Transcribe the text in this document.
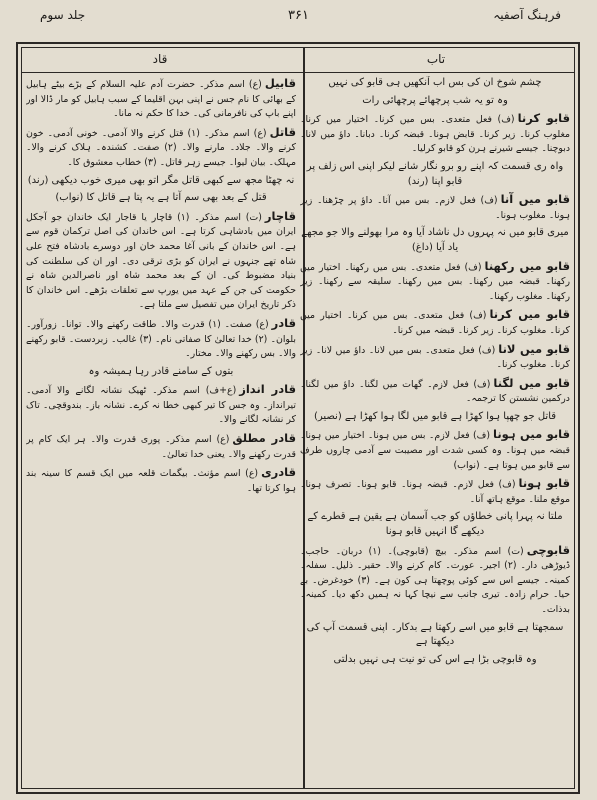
فرہنگ آصفیہ
۳۶۱
جلد سوم
تاب
قاد
چشم شوخ ان کی بس اب آنکھیں ہی قابو کی نہیں
وہ تو یہ شب پرچھائے پرچھائی رات
قابو کرنا(ف) فعل متعدی۔ بس میں کرنا۔ اختیار میں کرنا۔ مغلوب کرنا۔ زیر کرنا۔ قابض ہونا۔ قبضہ کرنا۔ دبانا۔ داؤ میں لانا۔ دبوچنا۔ جیسے شیرنے ہرن کو قابو کرلیا۔
واہ ری قسمت کہ اپنے رو برو نگار شانے لیکر اپنی اس زلف پر قابو اپنا (رند)
قابو میں آنا(ف) فعل لازم۔ بس میں آنا۔ داؤ پر چڑھنا۔ زیر ہونا۔ مغلوب ہونا۔
میری قابو میں نہ پہروں دل ناشاد آیا وہ مرا بھولنے والا جو مجھے یاد آیا (داغ)
قابو میں رکھنا(ف) فعل متعدی۔ بس میں رکھنا۔ اختیار میں رکھنا۔ قبضہ میں رکھنا۔ بس میں رکھنا۔ سلیقہ سے رکھنا۔ زیر رکھنا۔ مغلوب رکھنا۔
قابو میں کرنا(ف) فعل متعدی۔ بس میں کرنا۔ اختیار میں کرنا۔ مغلوب کرنا۔ زیر کرنا۔ قبضہ میں کرنا۔
قابو میں لانا(ف) فعل متعدی۔ بس میں لانا۔ داؤ میں لانا۔ زیر کرنا۔ مغلوب کرنا۔
قابو میں لگنا(ف) فعل لازم۔ گھات میں لگنا۔ داؤ میں لگنا۔ درکمین نشستن کا ترجمہ۔
قاتل جو چھپا ہوا کھڑا ہے قابو میں لگا ہوا کھڑا ہے (نصیر)
قابو میں ہونا(ف) فعل لازم۔ بس میں ہونا۔ اختیار میں ہونا۔ قبضہ میں ہونا۔ وہ کسی شدت اور مصیبت سے آدمی چاروں طرف سے قابو میں ہوتا ہے۔ (نواب)
قابو ہونا(ف) فعل لازم۔ قبضہ ہونا۔ قابو ہونا۔ تصرف ہونا۔ موقع ملنا۔ موقع ہاتھ آنا۔
ملتا نہ پہرا پانی خطاؤں کو جب آسمان ہے یقین ہے قطرے کے دیکھے گا انہیں قابو ہونا
قابوچی(ت) اسم مذکر۔ بیچ (قابوچی)۔ (۱) دربان۔ حاجب۔ ڈیوڑھی دار۔ (۲) اجیر۔ عورت۔ کام کرنے والا۔ حقیر۔ ذلیل۔ سفلہ۔ کمینہ۔ جیسے اس سے کوئی پوچھتا ہی کون ہے۔ (۳) خودغرض۔ بے حیا۔ حرام زادہ۔ تیری جانب سے نیچا کہا نہ ہمیں دکھ دیا۔ کمینہ۔ بدذات۔
سمجھتا ہے قابو میں اسے رکھتا ہے بدکار۔ اپنی قسمت آپ کی دیکھتا ہے
وہ قابوچی بڑا ہے اس کی تو نیت ہی نہیں بدلتی
قابیل(ع) اسم مذکر۔ حضرت آدم علیہ السلام کے بڑے بیٹے ہابیل کے بھائی کا نام جس نے اپنی بہن اقلیما کے سبب ہابیل کو مار ڈالا اور اپنے باپ کی نافرمانی کی۔ خدا کا حکم نہ مانا۔
قاتل(ع) اسم مذکر۔ (۱) قتل کرنے والا آدمی۔ خونی آدمی۔ خون کرنے والا۔ جلاد۔ مارنے والا۔ (۲) صفت۔ کشندہ۔ ہلاک کرنے والا۔ مہلک۔ بیان لیوا۔ جیسے زہر قاتل۔ (۳) خطاب معشوق کا۔
نہ چھٹا مجھ سے کبھی قاتل مگر اتو بھی میری خوب دیکھی (رند)
قتل کے بعد بھی سم آتا ہے یہ پتا ہے قاتل کا (نواب)
قاچار(ت) اسم مذکر۔ (۱) قاچار یا قاجار ایک خاندان جو آجکل ایران میں بادشاہی کرتا ہے۔ اس خاندان کی اصل ترکمان قوم سے ہے۔ اس خاندان کے بانی آغا محمد خان اور دوسرے بادشاہ فتح علی شاہ تھے جنہوں نے ایران کو بڑی ترقی دی۔ اور ان کی سلطنت کی بنیاد مضبوط کی۔ ان کے بعد محمد شاہ اور ناصرالدین شاہ نے حکومت کی جن کے عہد میں یورپ سے تعلقات بڑھے۔ اس خاندان کا ذکر تاریخ ایران میں تفصیل سے ملتا ہے۔
قادر(ع) صفت۔ (۱) قدرت والا۔ طاقت رکھنے والا۔ توانا۔ زورآور۔ بلوان۔ (۲) خدا تعالیٰ کا صفاتی نام۔ (۳) غالب۔ زبردست۔ قابو رکھنے والا۔ بس رکھنے والا۔ مختار۔
بتوں کے سامنے قادر رہا ہمیشہ وہ
قادر انداز(ع+ف) اسم مذکر۔ ٹھیک نشانہ لگانے والا آدمی۔ تیرانداز۔ وہ جس کا تیر کبھی خطا نہ کرے۔ نشانہ باز۔ بندوقچی۔ تاک کر نشانہ لگانے والا۔
قادر مطلق(ع) اسم مذکر۔ پوری قدرت والا۔ ہر ایک کام پر قدرت رکھنے والا۔ یعنی خدا تعالیٰ۔
قادری(ع) اسم مؤنث۔ بیگمات قلعہ میں ایک قسم کا سینہ بند ہوا کرتا تھا۔
